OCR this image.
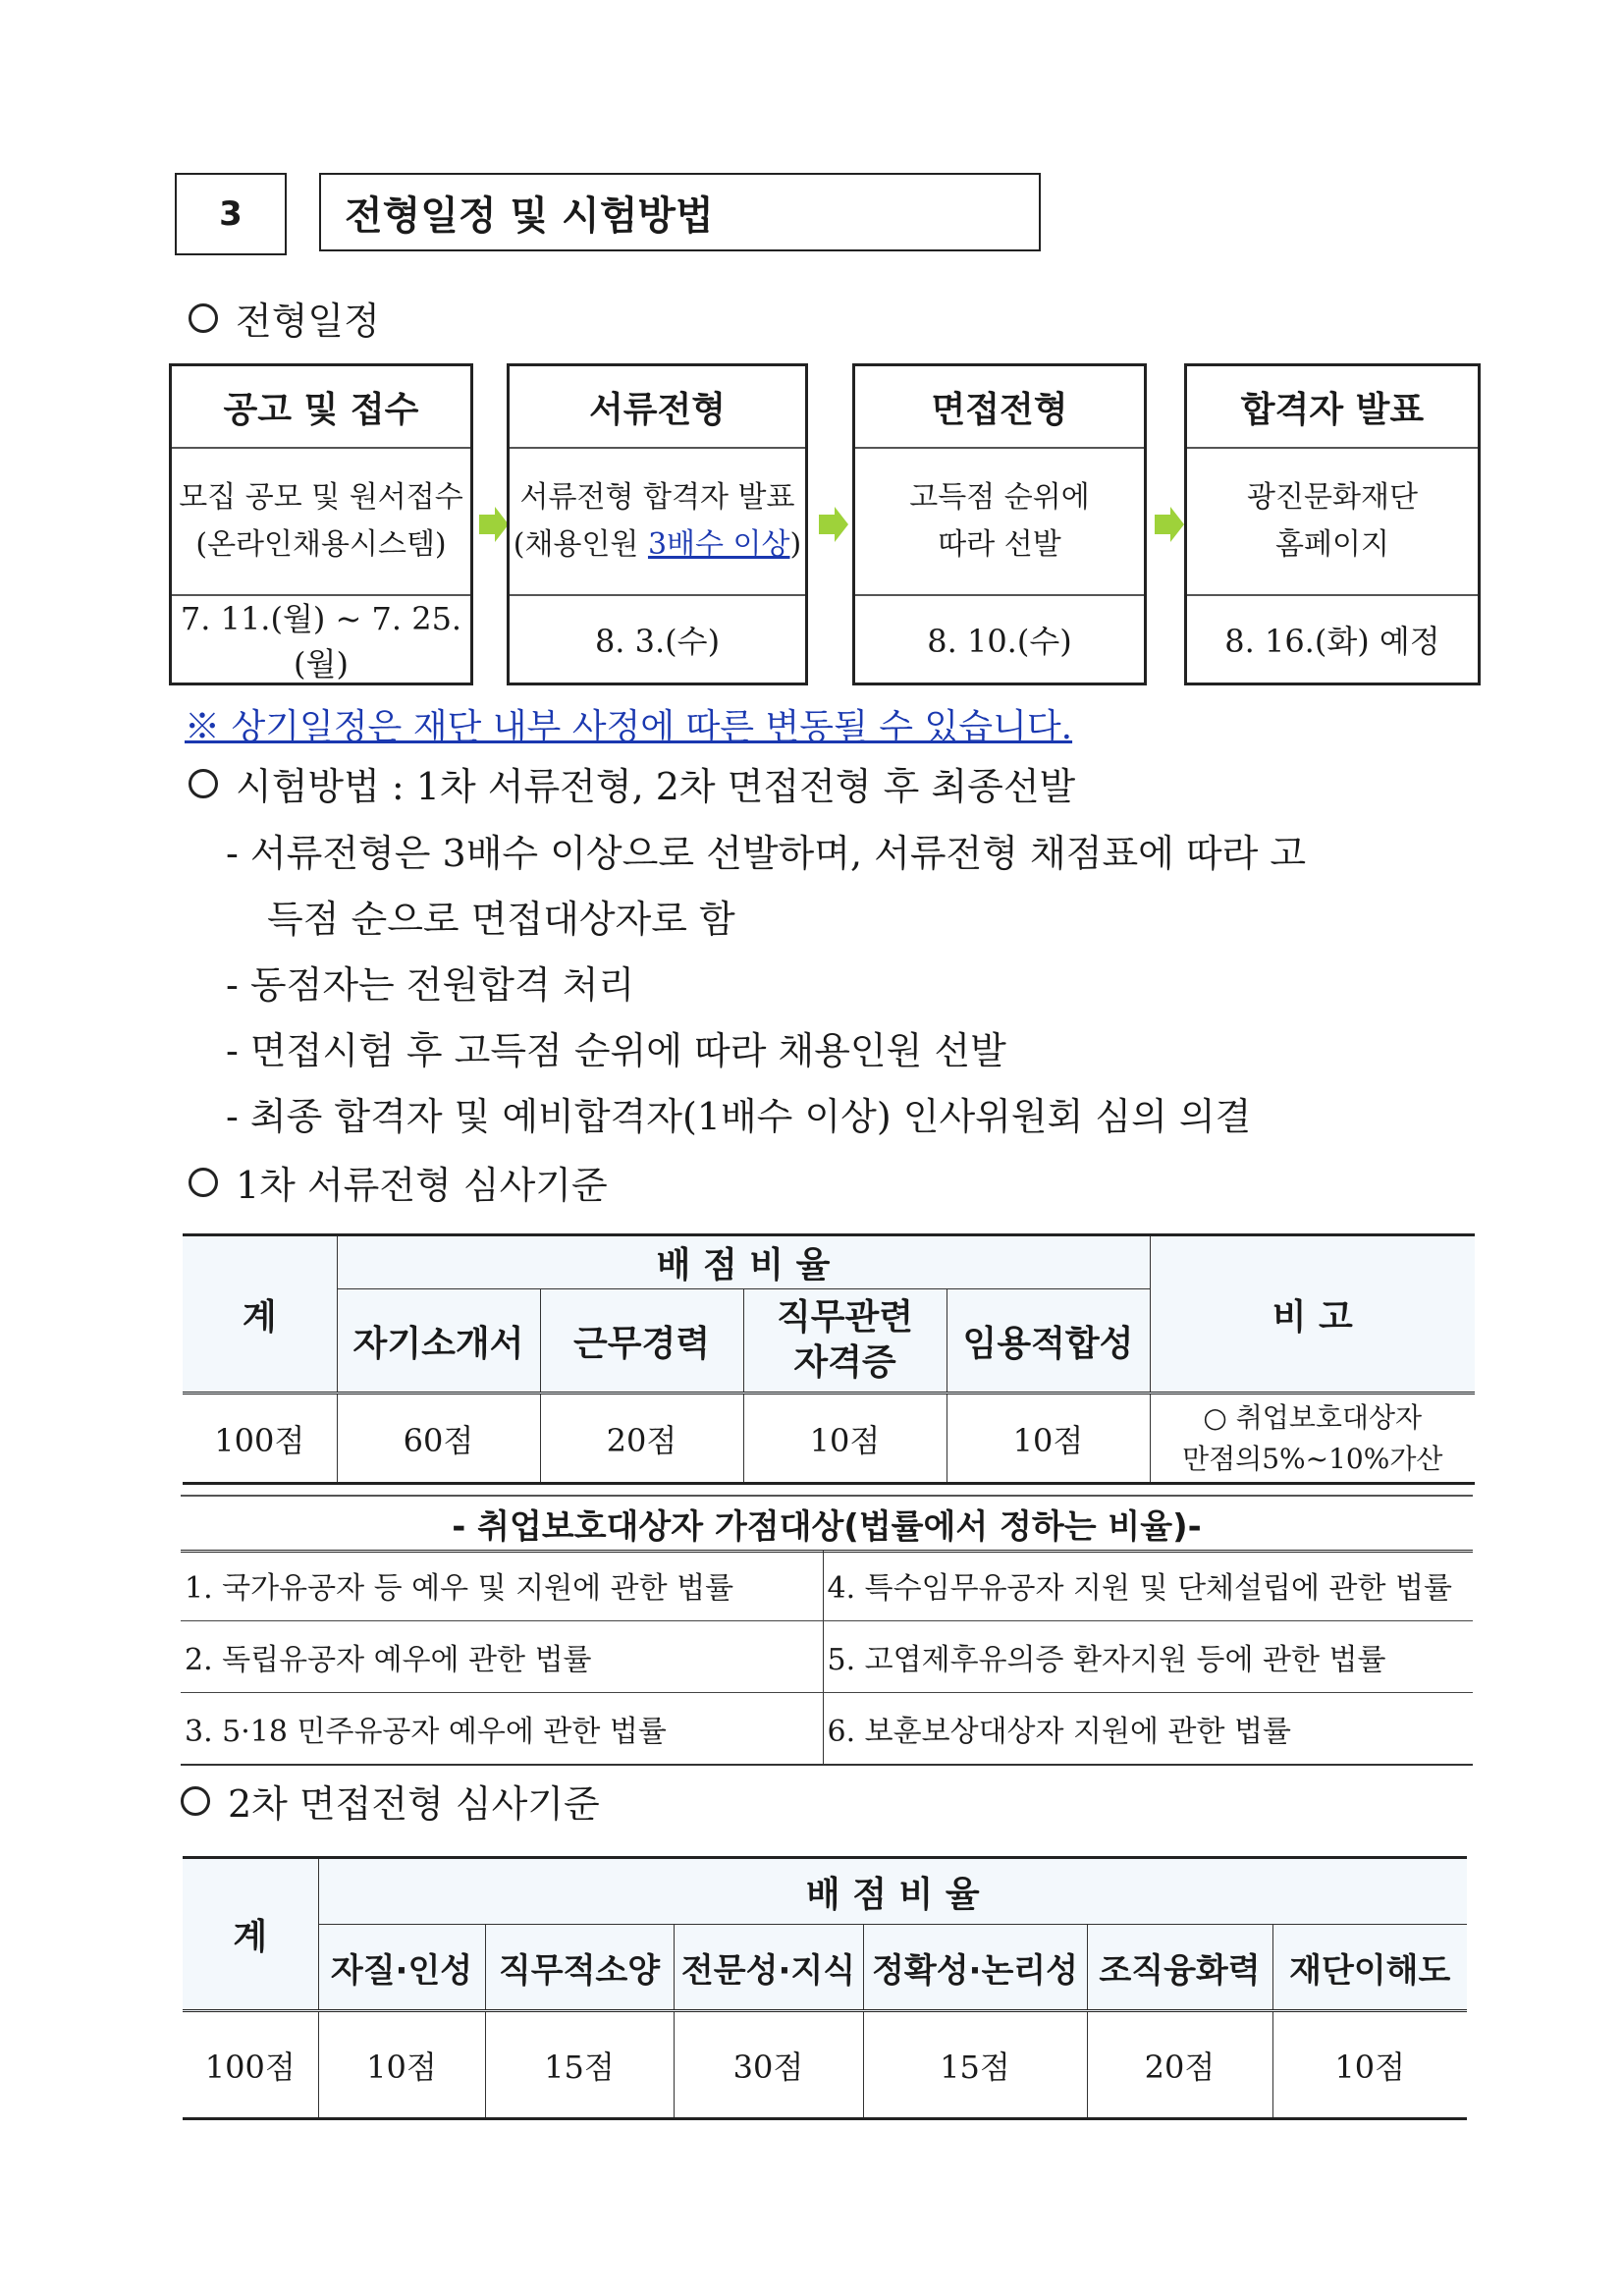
3	전형일정 및 시험방법
전형일정
공고 및 접수
모집 공모 및 원서접수
(온라인채용시스템)
7. 11.(월) ~ 7. 25.(월)
서류전형
서류전형 합격자 발표
(채용인원 3배수 이상)
8. 3.(수)
면접전형
고득점 순위에
따라 선발
8. 10.(수)
합격자 발표
광진문화재단
홈페이지
8. 16.(화) 예정
※ 상기일정은 재단 내부 사정에 따른 변동될 수 있습니다.
시험방법 : 1차 서류전형, 2차 면접전형 후 최종선발
- 서류전형은 3배수 이상으로 선발하며, 서류전형 채점표에 따라 고
득점 순으로 면접대상자로 함
- 동점자는 전원합격 처리
- 면접시험 후 고득점 순위에 따라 채용인원 선발
- 최종 합격자 및 예비합격자(1배수 이상) 인사위원회 심의 의결
1차 서류전형 심사기준
계	배 점 비 율				비 고
	자기소개서	근무경력	직무관련
자격증	임용적합성	
100점	60점	20점	10점	10점	○ 취업보호대상자
만점의5%~10%가산
- 취업보호대상자 가점대상(법률에서 정하는 비율)-
1. 국가유공자 등 예우 및 지원에 관한 법률	4. 특수임무유공자 지원 및 단체설립에 관한 법률
2. 독립유공자 예우에 관한 법률	5. 고엽제후유의증 환자지원 등에 관한 법률
3. 5·18 민주유공자 예우에 관한 법률	6. 보훈보상대상자 지원에 관한 법률
2차 면접전형 심사기준
계	배 점 비 율					
	자질·인성	직무적소양	전문성·지식	정확성·논리성	조직융화력	재단이해도
100점	10점	15점	30점	15점	20점	10점
